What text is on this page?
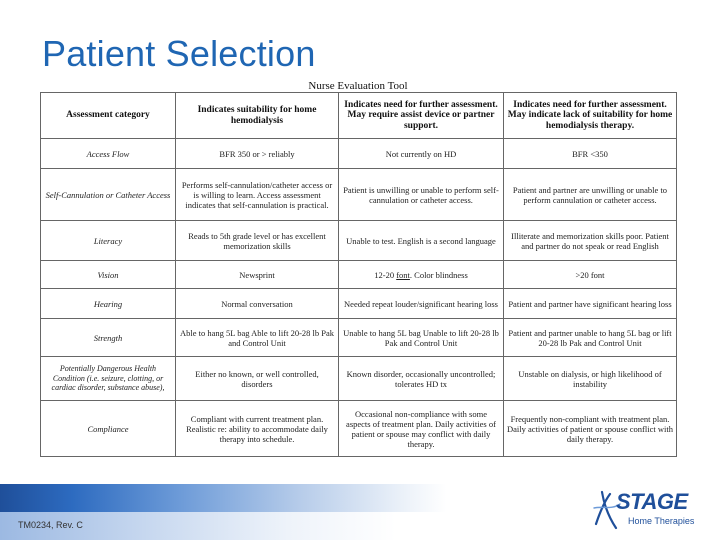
Patient Selection
Nurse Evaluation Tool
Assessment category	Indicates suitability for home hemodialysis	Indicates need for further assessment. May require assist device or partner support.	Indicates need for further assessment. May indicate lack of suitability for home hemodialysis therapy.
Access Flow	BFR 350 or > reliably	Not currently on HD	BFR <350
Self-Cannulation or Catheter Access	Performs self-cannulation/catheter access or is willing to learn. Access assessment indicates that self-cannulation is practical.	Patient is unwilling or unable to perform self-cannulation or catheter access.	Patient and partner are unwilling or unable to perform cannulation or catheter access.
Literacy	Reads to 5th grade level or has excellent memorization skills	Unable to test. English is a second language	Illiterate and memorization skills poor. Patient and partner do not speak or read English
Vision	Newsprint	12-20 font. Color blindness	>20 font
Hearing	Normal conversation	Needed repeat louder/significant hearing loss	Patient and partner have significant hearing loss
Strength	Able to hang 5L bag Able to lift 20-28 lb Pak and Control Unit	Unable to hang 5L bag Unable to lift 20-28 lb Pak and Control Unit	Patient and partner unable to hang 5L bag or lift 20-28 lb Pak and Control Unit
Potentially Dangerous Health Condition (i.e. seizure, clotting, or cardiac disorder, substance abuse),	Either no known, or well controlled, disorders	Known disorder, occasionally uncontrolled; tolerates HD tx	Unstable on dialysis, or high likelihood of instability
Compliance	Compliant with current treatment plan. Realistic re: ability to accommodate daily therapy into schedule.	Occasional non-compliance with some aspects of treatment plan. Daily activities of patient or spouse may conflict with daily therapy.	Frequently non-compliant with treatment plan. Daily activities of patient or spouse conflict with daily therapy.
TM0234, Rev. C
STAGE
Home Therapies
